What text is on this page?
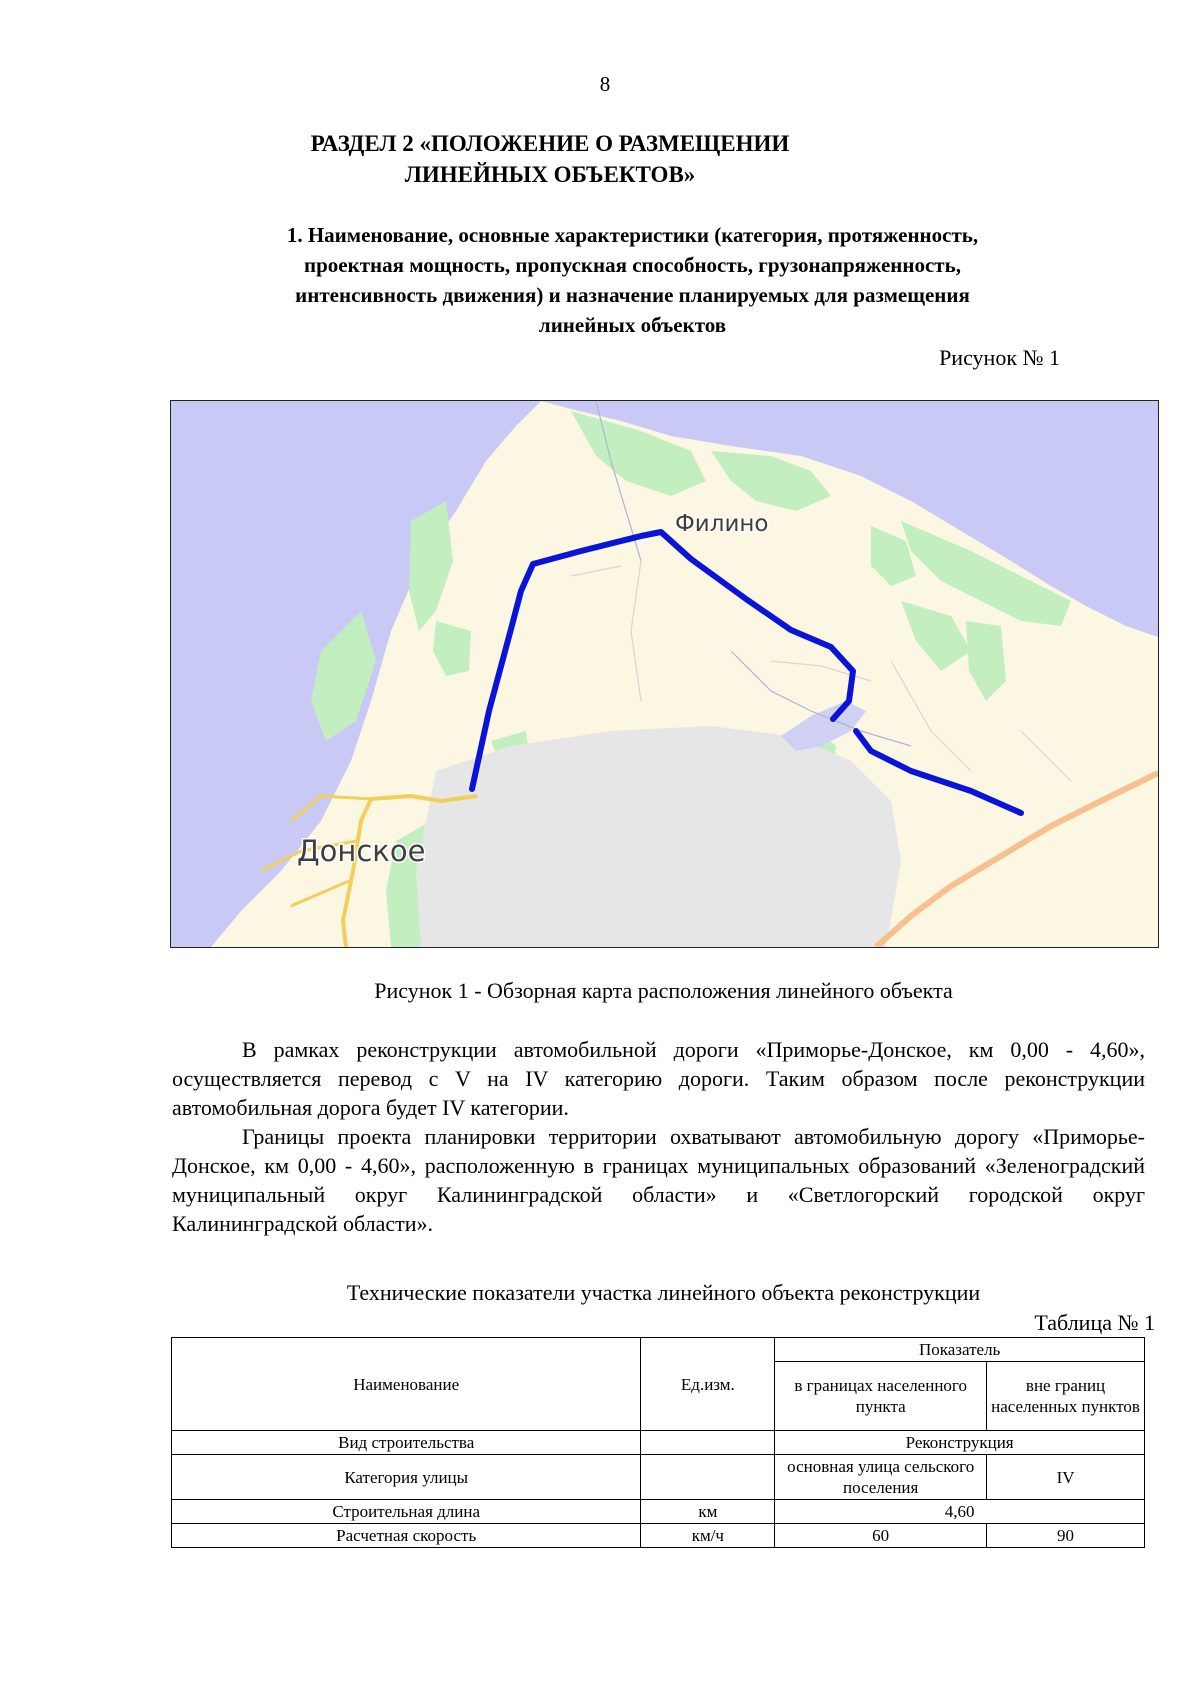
8
РАЗДЕЛ 2 «ПОЛОЖЕНИЕ О РАЗМЕЩЕНИИ
ЛИНЕЙНЫХ ОБЪЕКТОВ»
1. Наименование, основные характеристики (категория, протяженность,
проектная мощность, пропускная способность, грузонапряженность,
интенсивность движения) и назначение планируемых для размещения
линейных объектов
Рисунок № 1
Филино
Донское
Рисунок 1 - Обзорная карта расположения линейного объекта

В рамках реконструкции автомобильной дороги «Приморье-Донское, км 0,00 - 4,60», осуществляется перевод с V на IV категорию дороги. Таким образом после реконструкции автомобильная дорога будет IV категории.

Границы проекта планировки территории охватывают автомобильную дорогу «Приморье-Донское, км 0,00 - 4,60», расположенную в границах муниципальных образований «Зеленоградский муниципальный округ Калининградской области» и «Светлогорский городской округ Калининградской области».

Технические показатели участка линейного объекта реконструкции
Таблица № 1
Наименование	Ед.изм.	Показатель	
		в границах населенного пункта	вне границ населенных пунктов
Вид строительства		Реконструкция	
Категория улицы		основная улица сельского поселения	IV
Строительная длина	км	4,60	
Расчетная скорость	км/ч	60	90
